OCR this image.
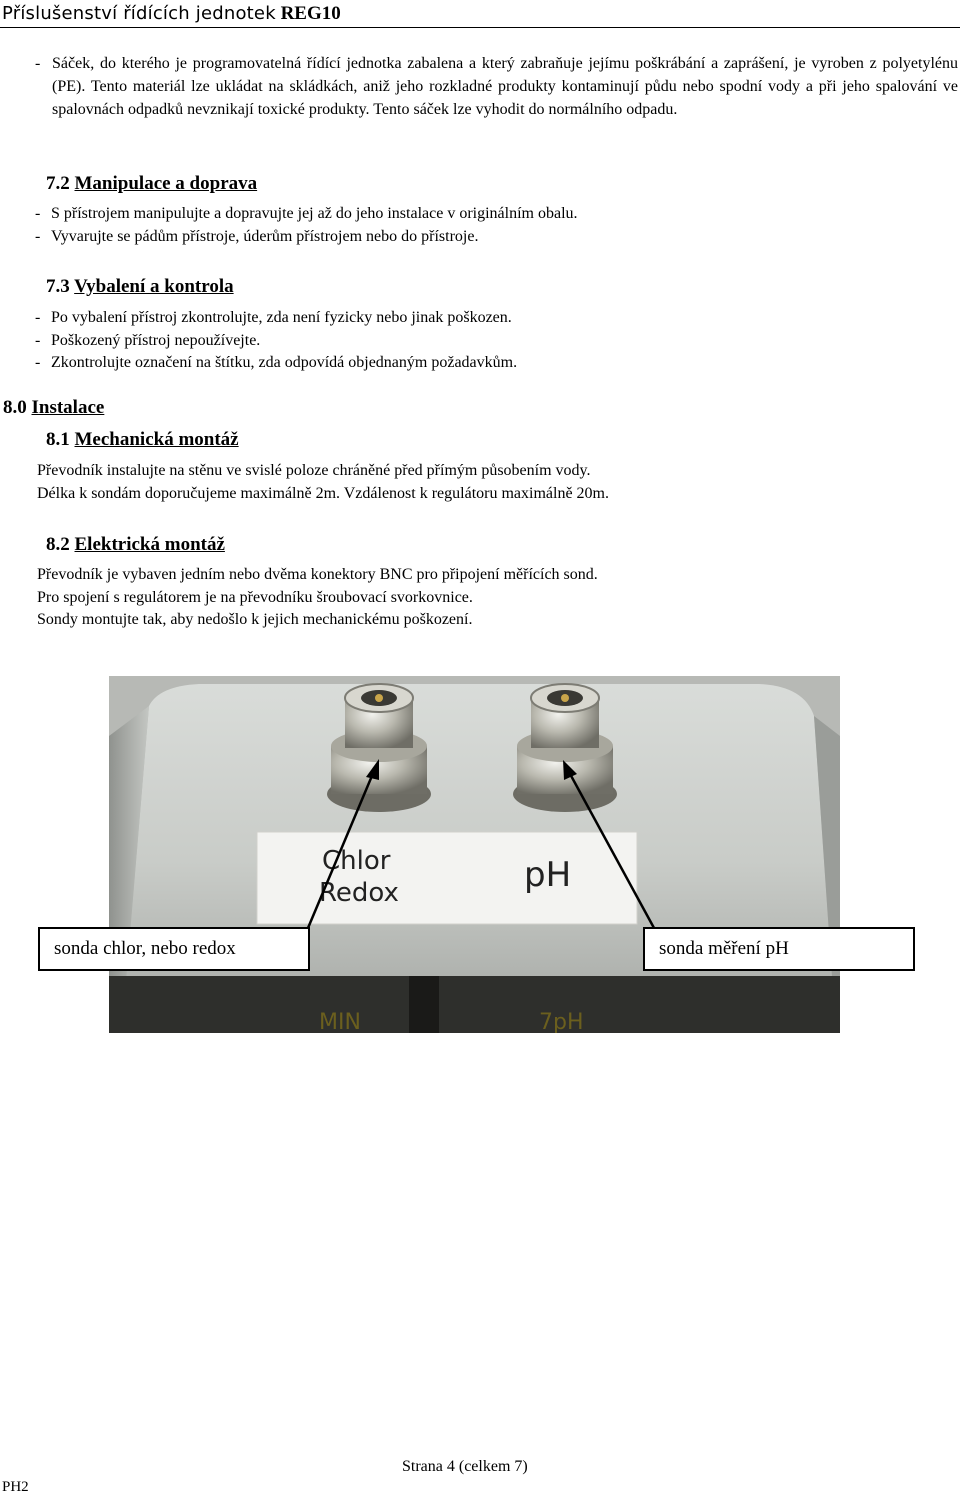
Příslušenství řídících jednotek REG10
- Sáček, do kterého je programovatelná řídící jednotka zabalena a který zabraňuje jejímu poškrábání a zaprášení, je vyroben z polyetylénu (PE). Tento materiál lze ukládat na skládkách, aniž jeho rozkladné produkty kontaminují půdu nebo spodní vody a při jeho spalování ve spalovnách odpadků nevznikají toxické produkty. Tento sáček lze vyhodit do normálního odpadu.

7.2 Manipulace a doprava
- S přístrojem manipulujte a dopravujte jej až do jeho instalace v originálním obalu.
- Vyvarujte se pádům přístroje, úderům přístrojem nebo do přístroje.
7.3 Vybalení a kontrola
- Po vybalení přístroj zkontrolujte, zda není fyzicky nebo jinak poškozen.
- Poškozený přístroj nepoužívejte.
- Zkontrolujte označení na štítku, zda odpovídá objednaným požadavkům.
8.0 Instalace
8.1 Mechanická montáž
Převodník instalujte na stěnu ve svislé poloze chráněné před přímým působením vody.
Délka k sondám doporučujeme maximálně 2m. Vzdálenost k regulátoru maximálně 20m.
8.2 Elektrická montáž
Převodník je vybaven jedním nebo dvěma konektory BNC pro připojení měřících sond.
Pro spojení s regulátorem je na převodníku šroubovací svorkovnice.
Sondy montujte tak, aby nedošlo k jejich mechanickému poškození.
MIN	7pH
Chlor
Redox	pH
sonda chlor, nebo redox	sonda měření pH
Strana 4 (celkem 7)
PH2
